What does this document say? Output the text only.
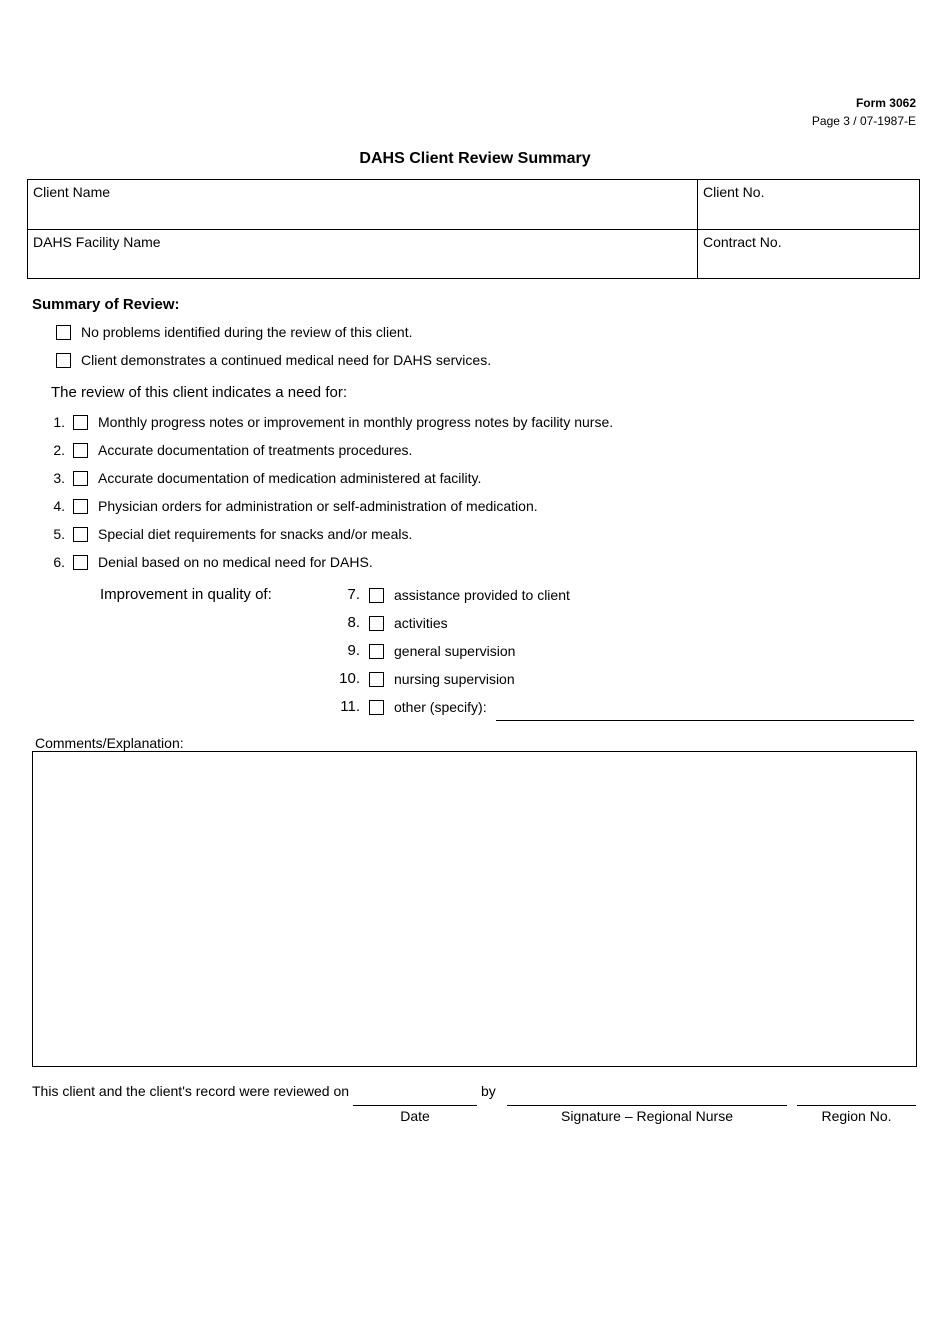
Form 3062
Page 3 / 07-1987-E
DAHS Client Review Summary
Client Name	Client No.
DAHS Facility Name	Contract No.
Summary of Review:
No problems identified during the review of this client.
Client demonstrates a continued medical need for DAHS services.
The review of this client indicates a need for:
1. Monthly progress notes or improvement in monthly progress notes by facility nurse.
2. Accurate documentation of treatments procedures.
3. Accurate documentation of medication administered at facility.
4. Physician orders for administration or self-administration of medication.
5. Special diet requirements for snacks and/or meals.
6. Denial based on no medical need for DAHS.
Improvement in quality of:	7. assistance provided to client
8. activities
9. general supervision
10. nursing supervision
11. other (specify):
Comments/Explanation:
This client and the client's record were reviewed on	by
Date	Signature – Regional Nurse	Region No.
